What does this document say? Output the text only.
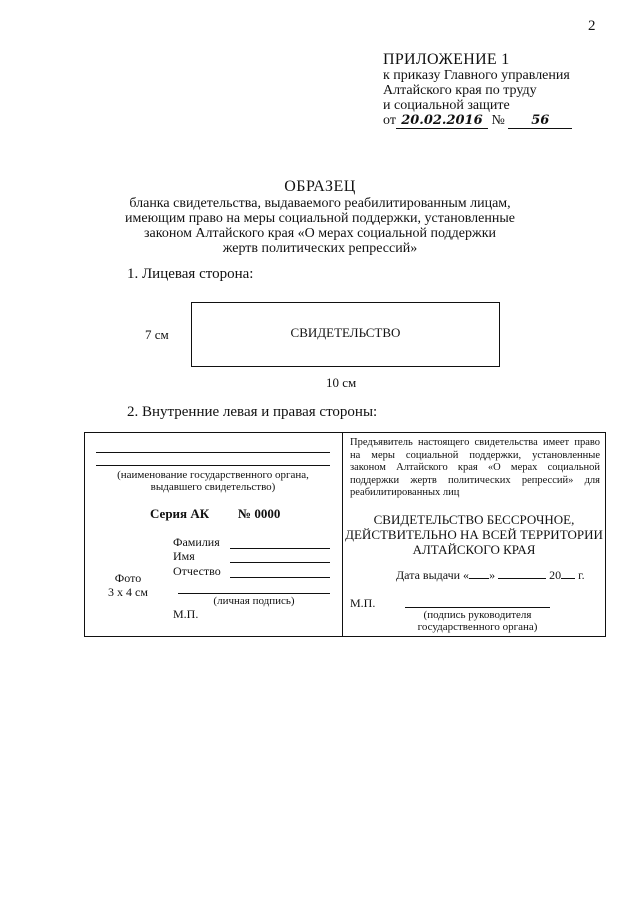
2
ПРИЛОЖЕНИЕ 1
к приказу Главного управления
Алтайского края по труду
и социальной защите
от 20.02.2016 № 56
ОБРАЗЕЦ
бланка свидетельства, выдаваемого реабилитированным лицам,
имеющим право на меры социальной поддержки, установленные
законом Алтайского края «О мерах социальной поддержки
жертв политических репрессий»
1. Лицевая сторона:
7 см	СВИДЕТЕЛЬСТВО
10 см
2. Внутренние левая и правая стороны:
(наименование государственного органа,
выдавшего свидетельство)
Серия АК № 0000
Фамилия
Имя
Отчество
Фото
3 х 4 см
(личная подпись)
М.П.
Предъявитель настоящего свидетельства имеет право на меры социальной поддержки, установленные законом Алтайского края «О мерах социальной поддержки жертв политических репрессий» для реабилитированных лиц
СВИДЕТЕЛЬСТВО БЕССРОЧНОЕ,
ДЕЙСТВИТЕЛЬНО НА ВСЕЙ ТЕРРИТОРИИ
АЛТАЙСКОГО КРАЯ
Дата выдачи « »	20 г.
М.П.
(подпись руководителя
государственного органа)
